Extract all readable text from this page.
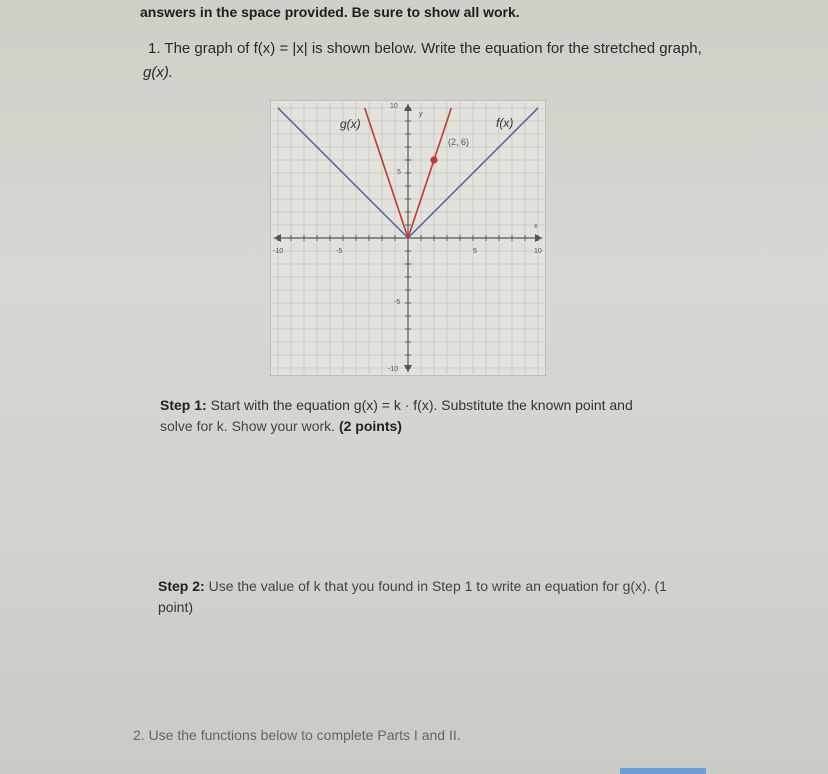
answers in the space provided. Be sure to show all work.
1. The graph of f(x) = |x| is shown below. Write the equation for the stretched graph,
g(x).
10
5
-5
-10
-10	-5	5	10
x
y
g(x)	f(x)
(2, 6)
Step 1: Start with the equation g(x) = k · f(x). Substitute the known point and
solve for k. Show your work. (2 points)
Step 2: Use the value of k that you found in Step 1 to write an equation for g(x). (1
point)
2. Use the functions below to complete Parts I and II.
